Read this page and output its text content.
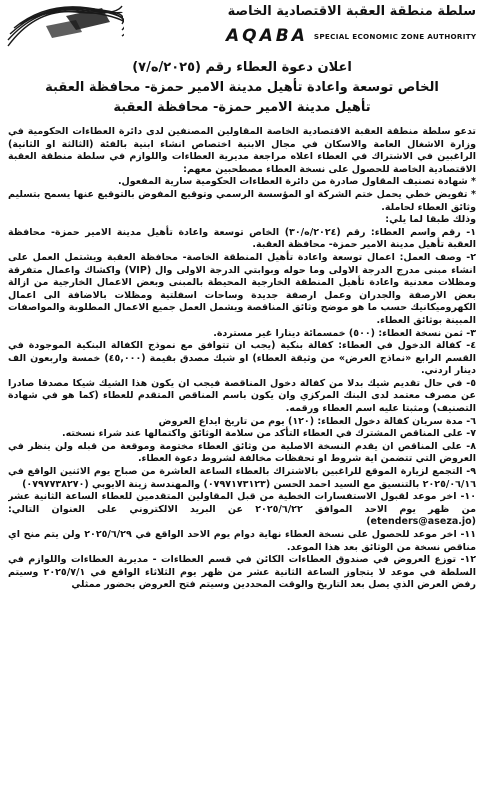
سلطة منطقة العقبة الاقتصادية الخاصة
AQABA SPECIAL ECONOMIC ZONE AUTHORITY
اعلان دعوة العطاء رقم (٢٠٢٥/ه/٧)
الخاص توسعة واعادة تأهيل مدينة الامير حمزة- محافظة العقبة
تأهيل مدينة الامير حمزة- محافظة العقبة

تدعو سلطة منطقة العقبة الاقتصادية الخاصة المقاولين المصنفين لدى دائرة العطاءات الحكومية في وزارة الاشغال العامة والاسكان في مجال الابنية اختصاص انشاء ابنية بالفئة (الثالثة او الثانية) الراغبين في الاشتراك في العطاء اعلاه مراجعة مديرية العطاءات واللوازم في سلطة منطقة العقبة الاقتصادية الخاصة للحصول على نسخة العطاء مصطحبين معهم:

* شهادة تصنيف المقاول صادرة من دائرة العطاءات الحكومية سارية المفعول.

* تفويض خطي يحمل ختم الشركة او المؤسسة الرسمي وتوقيع المفوض بالتوقيع عنها يسمح بتسليم وثائق العطاء لحاملة.

وذلك طبقا لما يلي:

١- رقم واسم العطاء: رقم (٢٠٢٤/ه/٣٠) الخاص توسعة واعادة تأهيل مدينة الامير حمزة- محافظة العقبة تأهيل مدينة الامير حمزة- محافظة العقبة.

٢- وصف العمل: اعمال توسعة واعادة تأهيل المنطقة الخاصة- محافظة العقبة ويشتمل العمل على انشاء مبنى مدرج الدرجة الاولى وما حوله وبوابتي الدرجة الاولى وال (VIP) واكشاك واعمال متفرقة ومظلات معدنية واعادة تأهيل المنطقة الخارجية المحيطة بالمبنى وبعض الاعمال الخارجية من ازالة بعض الارصفة والجدران وعمل ارصفة جديدة وساحات اسفلتية ومظلات بالاضافة الى اعمال الكهروميكانيك حسب ما هو موضح وثائق المناقصة ويشمل العمل جميع الاعمال المطلوبة والمواصفات المبينة بوثائق العطاء.

٣- ثمن نسخة العطاء: (٥٠٠) خمسمائة دينارا غير مستردة.

٤- كفالة الدخول في العطاء: كفالة بنكية (يجب ان تتوافق مع نموذج الكفالة البنكية الموجودة في القسم الرابع «نماذج العرض» من وثيقة العطاء) او شيك مصدق بقيمة (٤٥,٠٠٠) خمسة واربعون الف دينار اردني.

٥- في حال تقديم شيك بدلا من كفالة دخول المناقصة فيجب ان يكون هذا الشيك شيكا مصدقا صادرا عن مصرف معتمد لدى البنك المركزي وان يكون باسم المناقص المتقدم للعطاء (كما هو في شهادة التصنيف) ومثبتا عليه اسم العطاء ورقمه.

٦- مدة سريان كفالة دخول العطاء: (١٢٠) يوم من تاريخ ايداع العروض

٧- على المناقص المشترك في العطاء التأكد من سلامة الوثائق واكتمالها عند شراء نسخته.

٨- على المناقص ان يقدم النسخة الاصلية من وثائق العطاء مختومة وموقعة من قبله ولن ينظر في العروض التي تتضمن اية شروط او تحفظات مخالفة لشروط دعوة العطاء.

٩- التجمع لزيارة الموقع للراغبين بالاشتراك بالعطاء الساعة العاشرة من صباح يوم الاثنين الواقع في ٢٠٢٥/٠٦/١٦ بالتنسيق مع السيد احمد الحسن (٠٧٩٧١٧٣١٢٣) والمهندسة زينة الايوبي (٠٧٩٧٧٣٨٢٧٠)

١٠- اخر موعد لقبول الاستفسارات الخطية من قبل المقاولين المتقدمين للعطاء الساعة الثانية عشر من ظهر يوم الاحد الموافق ٢٠٢٥/٦/٢٢ عن البريد الالكتروني على العنوان التالي: (etenders@aseza.jo)

١١- اخر موعد للحصول على نسخة العطاء نهاية دوام يوم الاحد الواقع في ٢٠٢٥/٦/٢٩ ولن يتم منح اي مناقص نسخة من الوثائق بعد هذا الموعد.

١٢- توزع العروض في صندوق العطاءات الكائن في قسم العطاءات - مديرية العطاءات واللوازم في السلطة في موعد لا يتجاوز الساعة الثانية عشر من ظهر يوم الثلاثاء الواقع في ٢٠٢٥/٧/١ وسيتم رفض العرض الذي يصل بعد التاريخ والوقت المحددين وسيتم فتح العروض بحضور ممثلي
